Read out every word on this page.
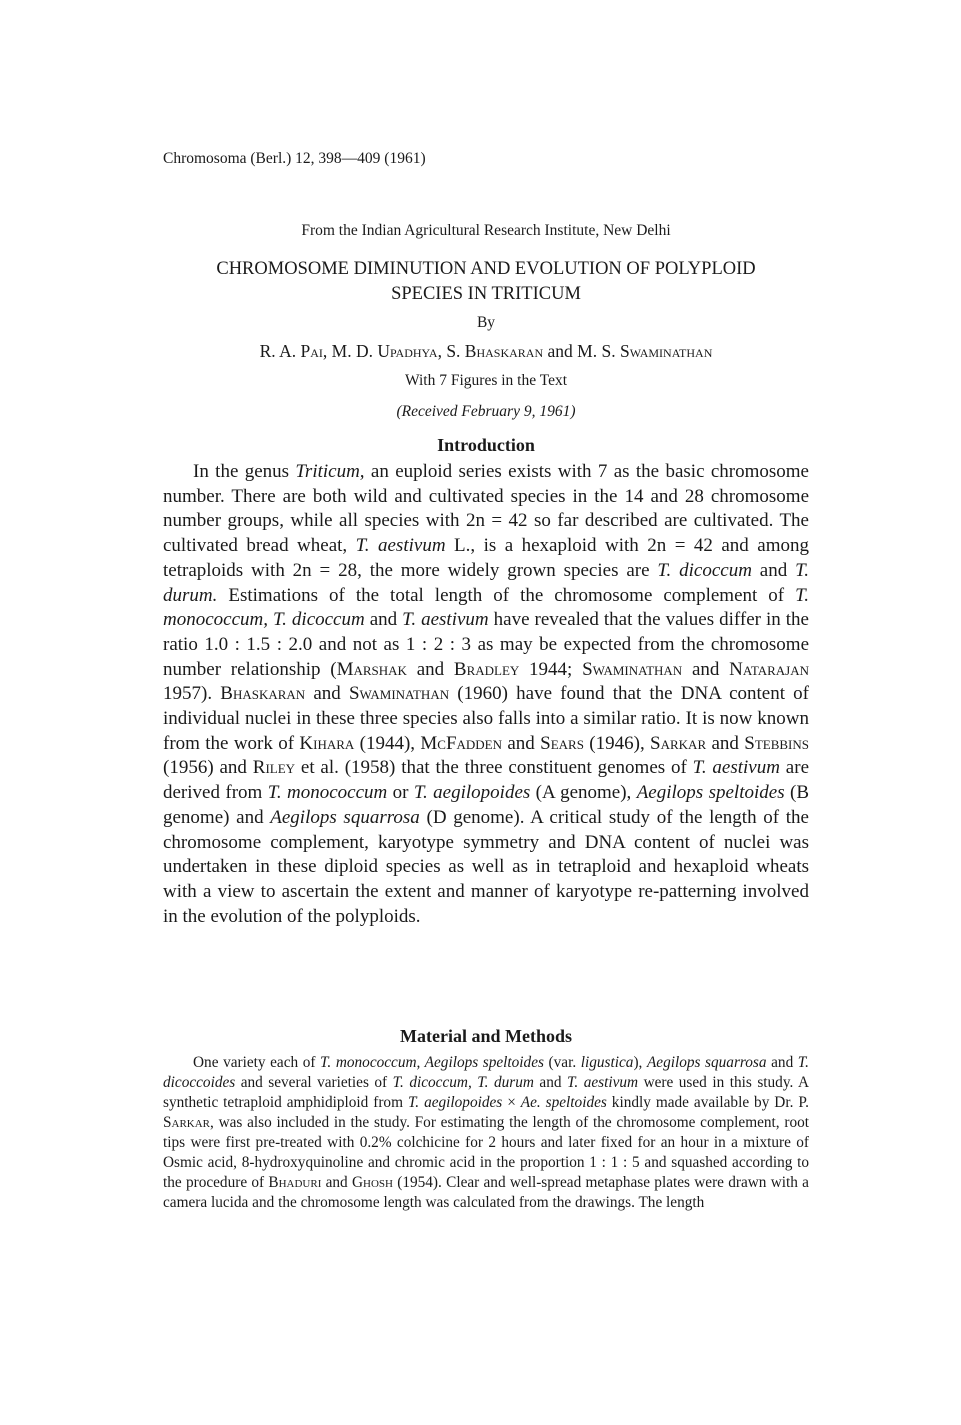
Chromosoma (Berl.) 12, 398—409 (1961)
From the Indian Agricultural Research Institute, New Delhi
CHROMOSOME DIMINUTION AND EVOLUTION OF POLYPLOID
SPECIES IN TRITICUM
By
R. A. Pai, M. D. Upadhya, S. Bhaskaran and M. S. Swaminathan
With 7 Figures in the Text
(Received February 9, 1961)
Introduction

In the genus Triticum, an euploid series exists with 7 as the basic chromosome number. There are both wild and cultivated species in the 14 and 28 chromosome number groups, while all species with 2n = 42 so far described are cultivated. The cultivated bread wheat, T. aestivum L., is a hexaploid with 2n = 42 and among tetraploids with 2n = 28, the more widely grown species are T. dicoccum and T. durum. Estimations of the total length of the chromosome complement of T. monococcum, T. dicoccum and T. aestivum have revealed that the values differ in the ratio 1.0 : 1.5 : 2.0 and not as 1 : 2 : 3 as may be expected from the chromosome number relationship (Marshak and Bradley 1944; Swaminathan and Natarajan 1957). Bhaskaran and Swaminathan (1960) have found that the DNA content of individual nuclei in these three species also falls into a similar ratio. It is now known from the work of Kihara (1944), McFadden and Sears (1946), Sarkar and Stebbins (1956) and Riley et al. (1958) that the three constituent genomes of T. aestivum are derived from T. monococcum or T. aegilopoides (A genome), Aegilops speltoides (B genome) and Aegilops squarrosa (D genome). A critical study of the length of the chromosome complement, karyotype symmetry and DNA content of nuclei was undertaken in these diploid species as well as in tetraploid and hexaploid wheats with a view to ascertain the extent and manner of karyotype re-patterning involved in the evolution of the polyploids.

Material and Methods

One variety each of T. monococcum, Aegilops speltoides (var. ligustica), Aegilops squarrosa and T. dicoccoides and several varieties of T. dicoccum, T. durum and T. aestivum were used in this study. A synthetic tetraploid amphidiploid from T. aegilopoides × Ae. speltoides kindly made available by Dr. P. Sarkar, was also included in the study. For estimating the length of the chromosome complement, root tips were first pre-treated with 0.2% colchicine for 2 hours and later fixed for an hour in a mixture of Osmic acid, 8-hydroxyquinoline and chromic acid in the proportion 1 : 1 : 5 and squashed according to the procedure of Bhaduri and Ghosh (1954). Clear and well-spread metaphase plates were drawn with a camera lucida and the chromosome length was calculated from the drawings. The length
